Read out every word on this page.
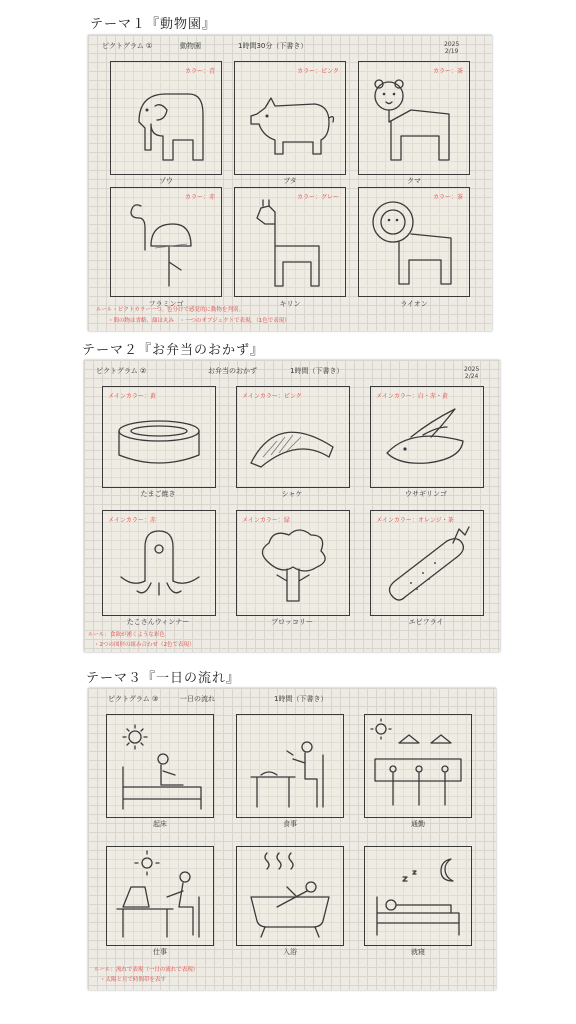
テーマ１『動物園』
ピクトグラム ①	動物園	1時間30分（下書き）	2025
2/19
カラー：青
ゾウ
カラー：ピンク
ブタ
カラー：茶
クマ
カラー：赤
フラミンゴ
カラー：グレー
キリン
カラー：茶
ライオン
ルール・ピクトカラー一つ。色分けで感覚的に動物を判別。
・間の物は省略、顔は丸み　・一つのオブジェクトで表現。（1色で表現）
テーマ２『お弁当のおかず』
ピクトグラム ②	お弁当のおかず	1時間（下書き）	2025
2/24
メインカラー：黄
たまご焼き
メインカラー：ピンク
シャケ
メインカラー：白・赤・黄
ウサギリンゴ
メインカラー：赤
たこさんウィンナー
メインカラー：緑
ブロッコリー
メインカラー：オレンジ・茶
エビフライ
ルール：食欲が湧くような彩色
・2つの図形の組み合わせ（2色で表現）
テーマ３『一日の流れ』
ピクトグラム ③	一日の流れ	1時間（下書き）
起床	食事	通勤
仕事	入浴	就寝
ルール：流れで表現（一日の流れで表現）
・太陽と月で時間帯を表す
